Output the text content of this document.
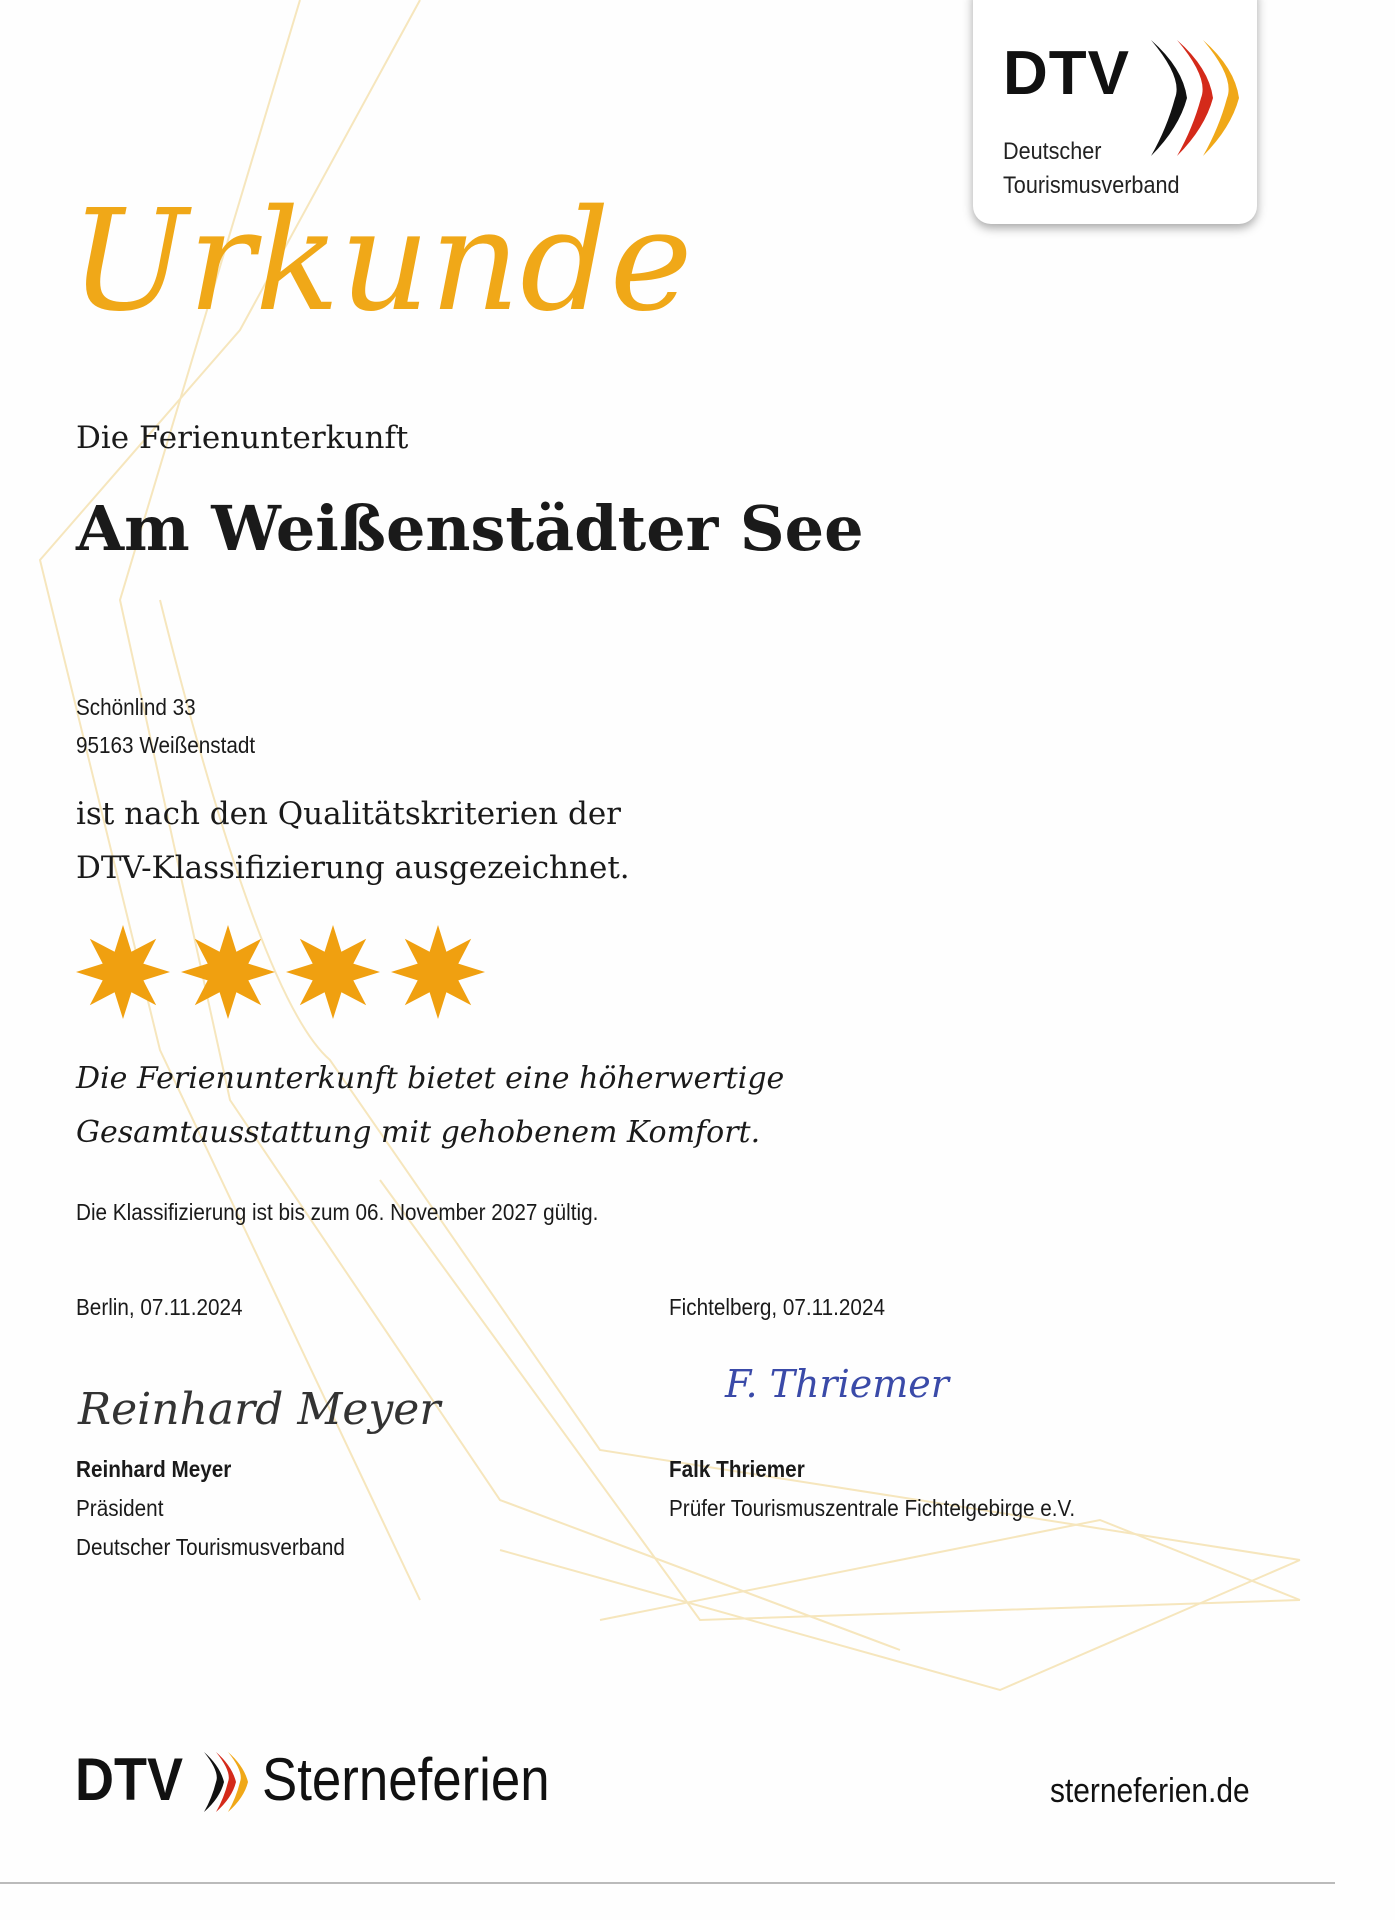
DTV
Deutscher
Tourismusverband
Urkunde
Die Ferienunterkunft
Am Weißenstädter See
Schönlind 33
95163 Weißenstadt
ist nach den Qualitätskriterien der
DTV-Klassifizierung ausgezeichnet.
Die Ferienunterkunft bietet eine höherwertige
Gesamtausstattung mit gehobenem Komfort.
Die Klassifizierung ist bis zum 06. November 2027 gültig.
Berlin, 07.11.2024
Reinhard Meyer
Reinhard Meyer
Präsident
Deutscher Tourismusverband
Fichtelberg, 07.11.2024
F. Thriemer
Falk Thriemer
Prüfer Tourismuszentrale Fichtelgebirge e.V.
DTV Sterneferien	sterneferien.de
